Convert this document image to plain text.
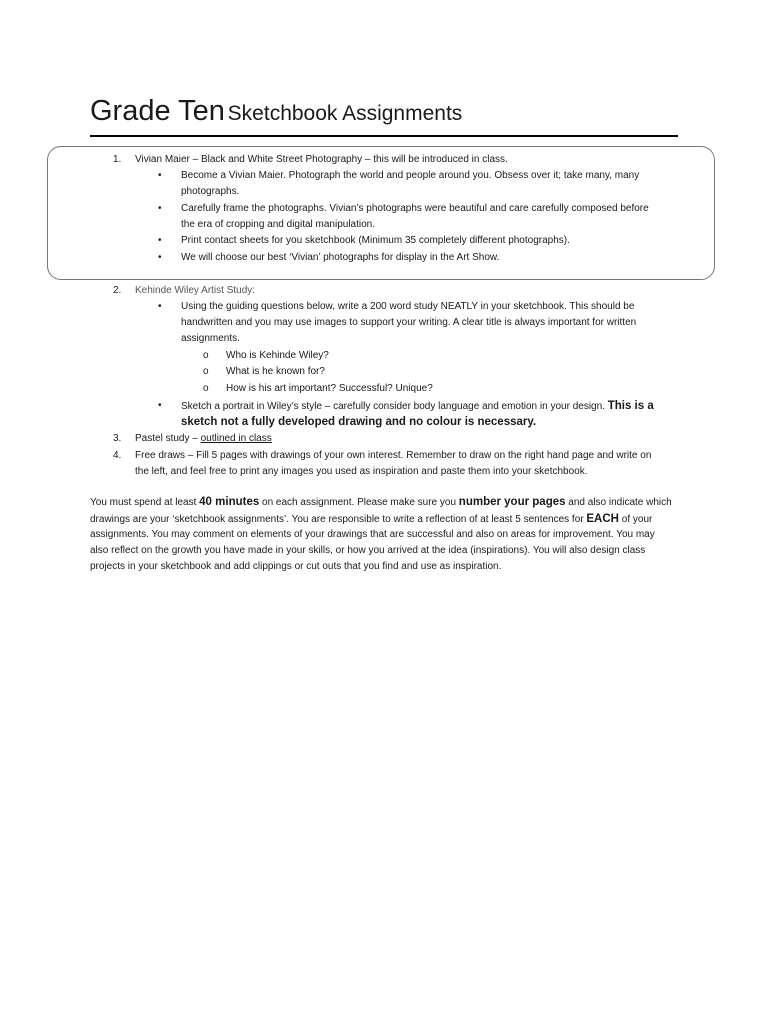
Grade Ten Sketchbook Assignments
1. Vivian Maier – Black and White Street Photography – this will be introduced in class.
• Become a Vivian Maier. Photograph the world and people around you. Obsess over it; take many, many
photographs.
• Carefully frame the photographs. Vivian’s photographs were beautiful and care carefully composed before
the era of cropping and digital manipulation.
• Print contact sheets for you sketchbook (Minimum 35 completely different photographs).
• We will choose our best ‘Vivian’ photographs for display in the Art Show.
2. Kehinde Wiley Artist Study:
• Using the guiding questions below, write a 200 word study NEATLY in your sketchbook. This should be
handwritten and you may use images to support your writing. A clear title is always important for written
assignments.
o Who is Kehinde Wiley?
o What is he known for?
o How is his art important? Successful? Unique?
• Sketch a portrait in Wiley’s style – carefully consider body language and emotion in your design. This is a
sketch not a fully developed drawing and no colour is necessary.
3. Pastel study – outlined in class
4. Free draws – Fill 5 pages with drawings of your own interest. Remember to draw on the right hand page and write on
the left, and feel free to print any images you used as inspiration and paste them into your sketchbook.
You must spend at least 40 minutes on each assignment. Please make sure you number your pages and also indicate which
drawings are your ‘sketchbook assignments’. You are responsible to write a reflection of at least 5 sentences for EACH of your
assignments. You may comment on elements of your drawings that are successful and also on areas for improvement. You may
also reflect on the growth you have made in your skills, or how you arrived at the idea (inspirations). You will also design class
projects in your sketchbook and add clippings or cut outs that you find and use as inspiration.
